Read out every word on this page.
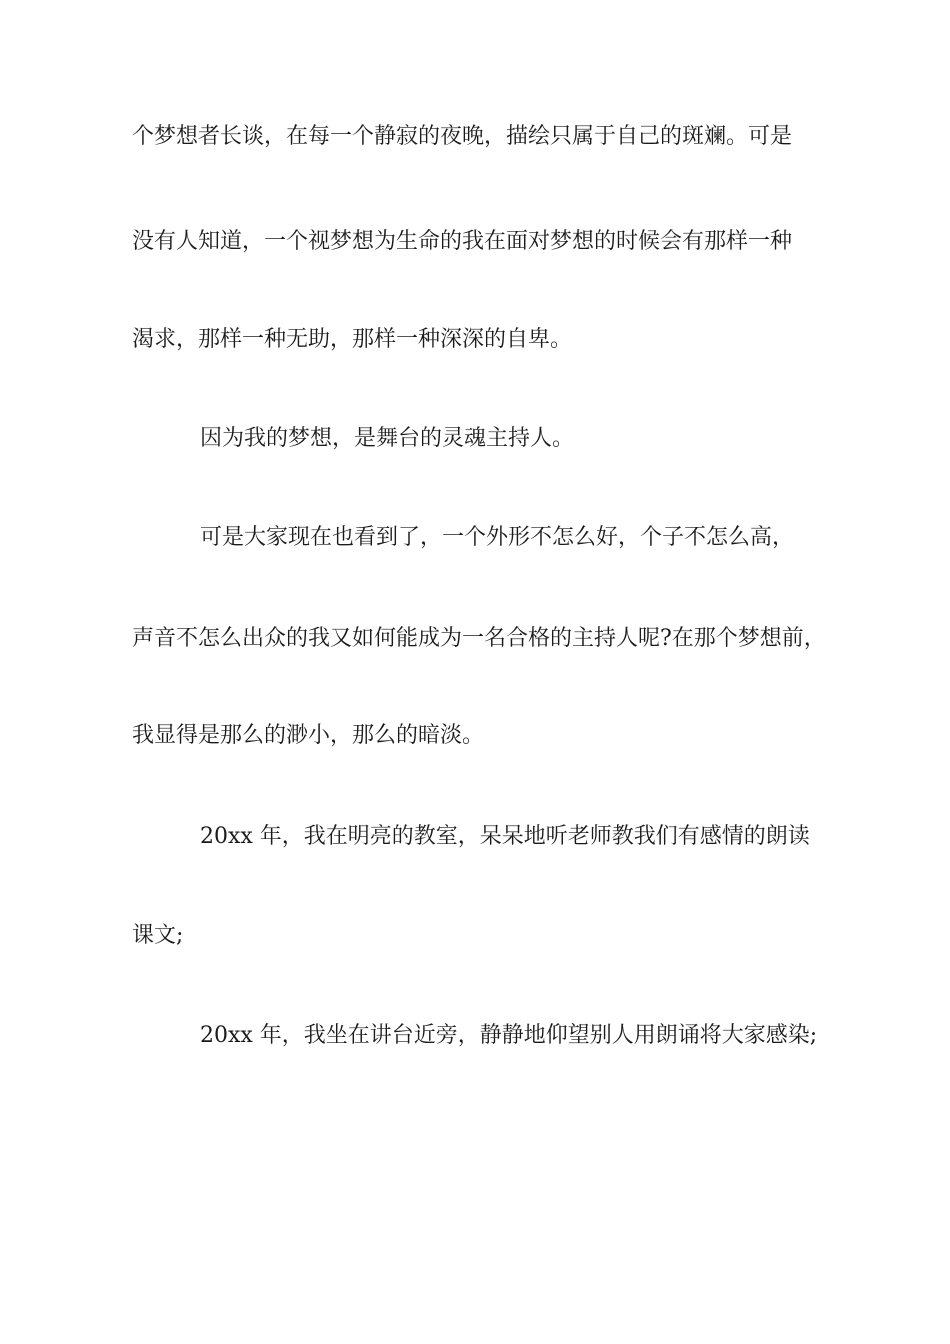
个梦想者长谈，在每一个静寂的夜晚，描绘只属于自己的斑斓。可是
没有人知道，一个视梦想为生命的我在面对梦想的时候会有那样一种
渴求，那样一种无助，那样一种深深的自卑。
因为我的梦想，是舞台的灵魂主持人。
可是大家现在也看到了，一个外形不怎么好，个子不怎么高，
声音不怎么出众的我又如何能成为一名合格的主持人呢?在那个梦想前，
我显得是那么的渺小，那么的暗淡。
20xx 年，我在明亮的教室，呆呆地听老师教我们有感情的朗读
课文;
20xx 年，我坐在讲台近旁，静静地仰望别人用朗诵将大家感染;
